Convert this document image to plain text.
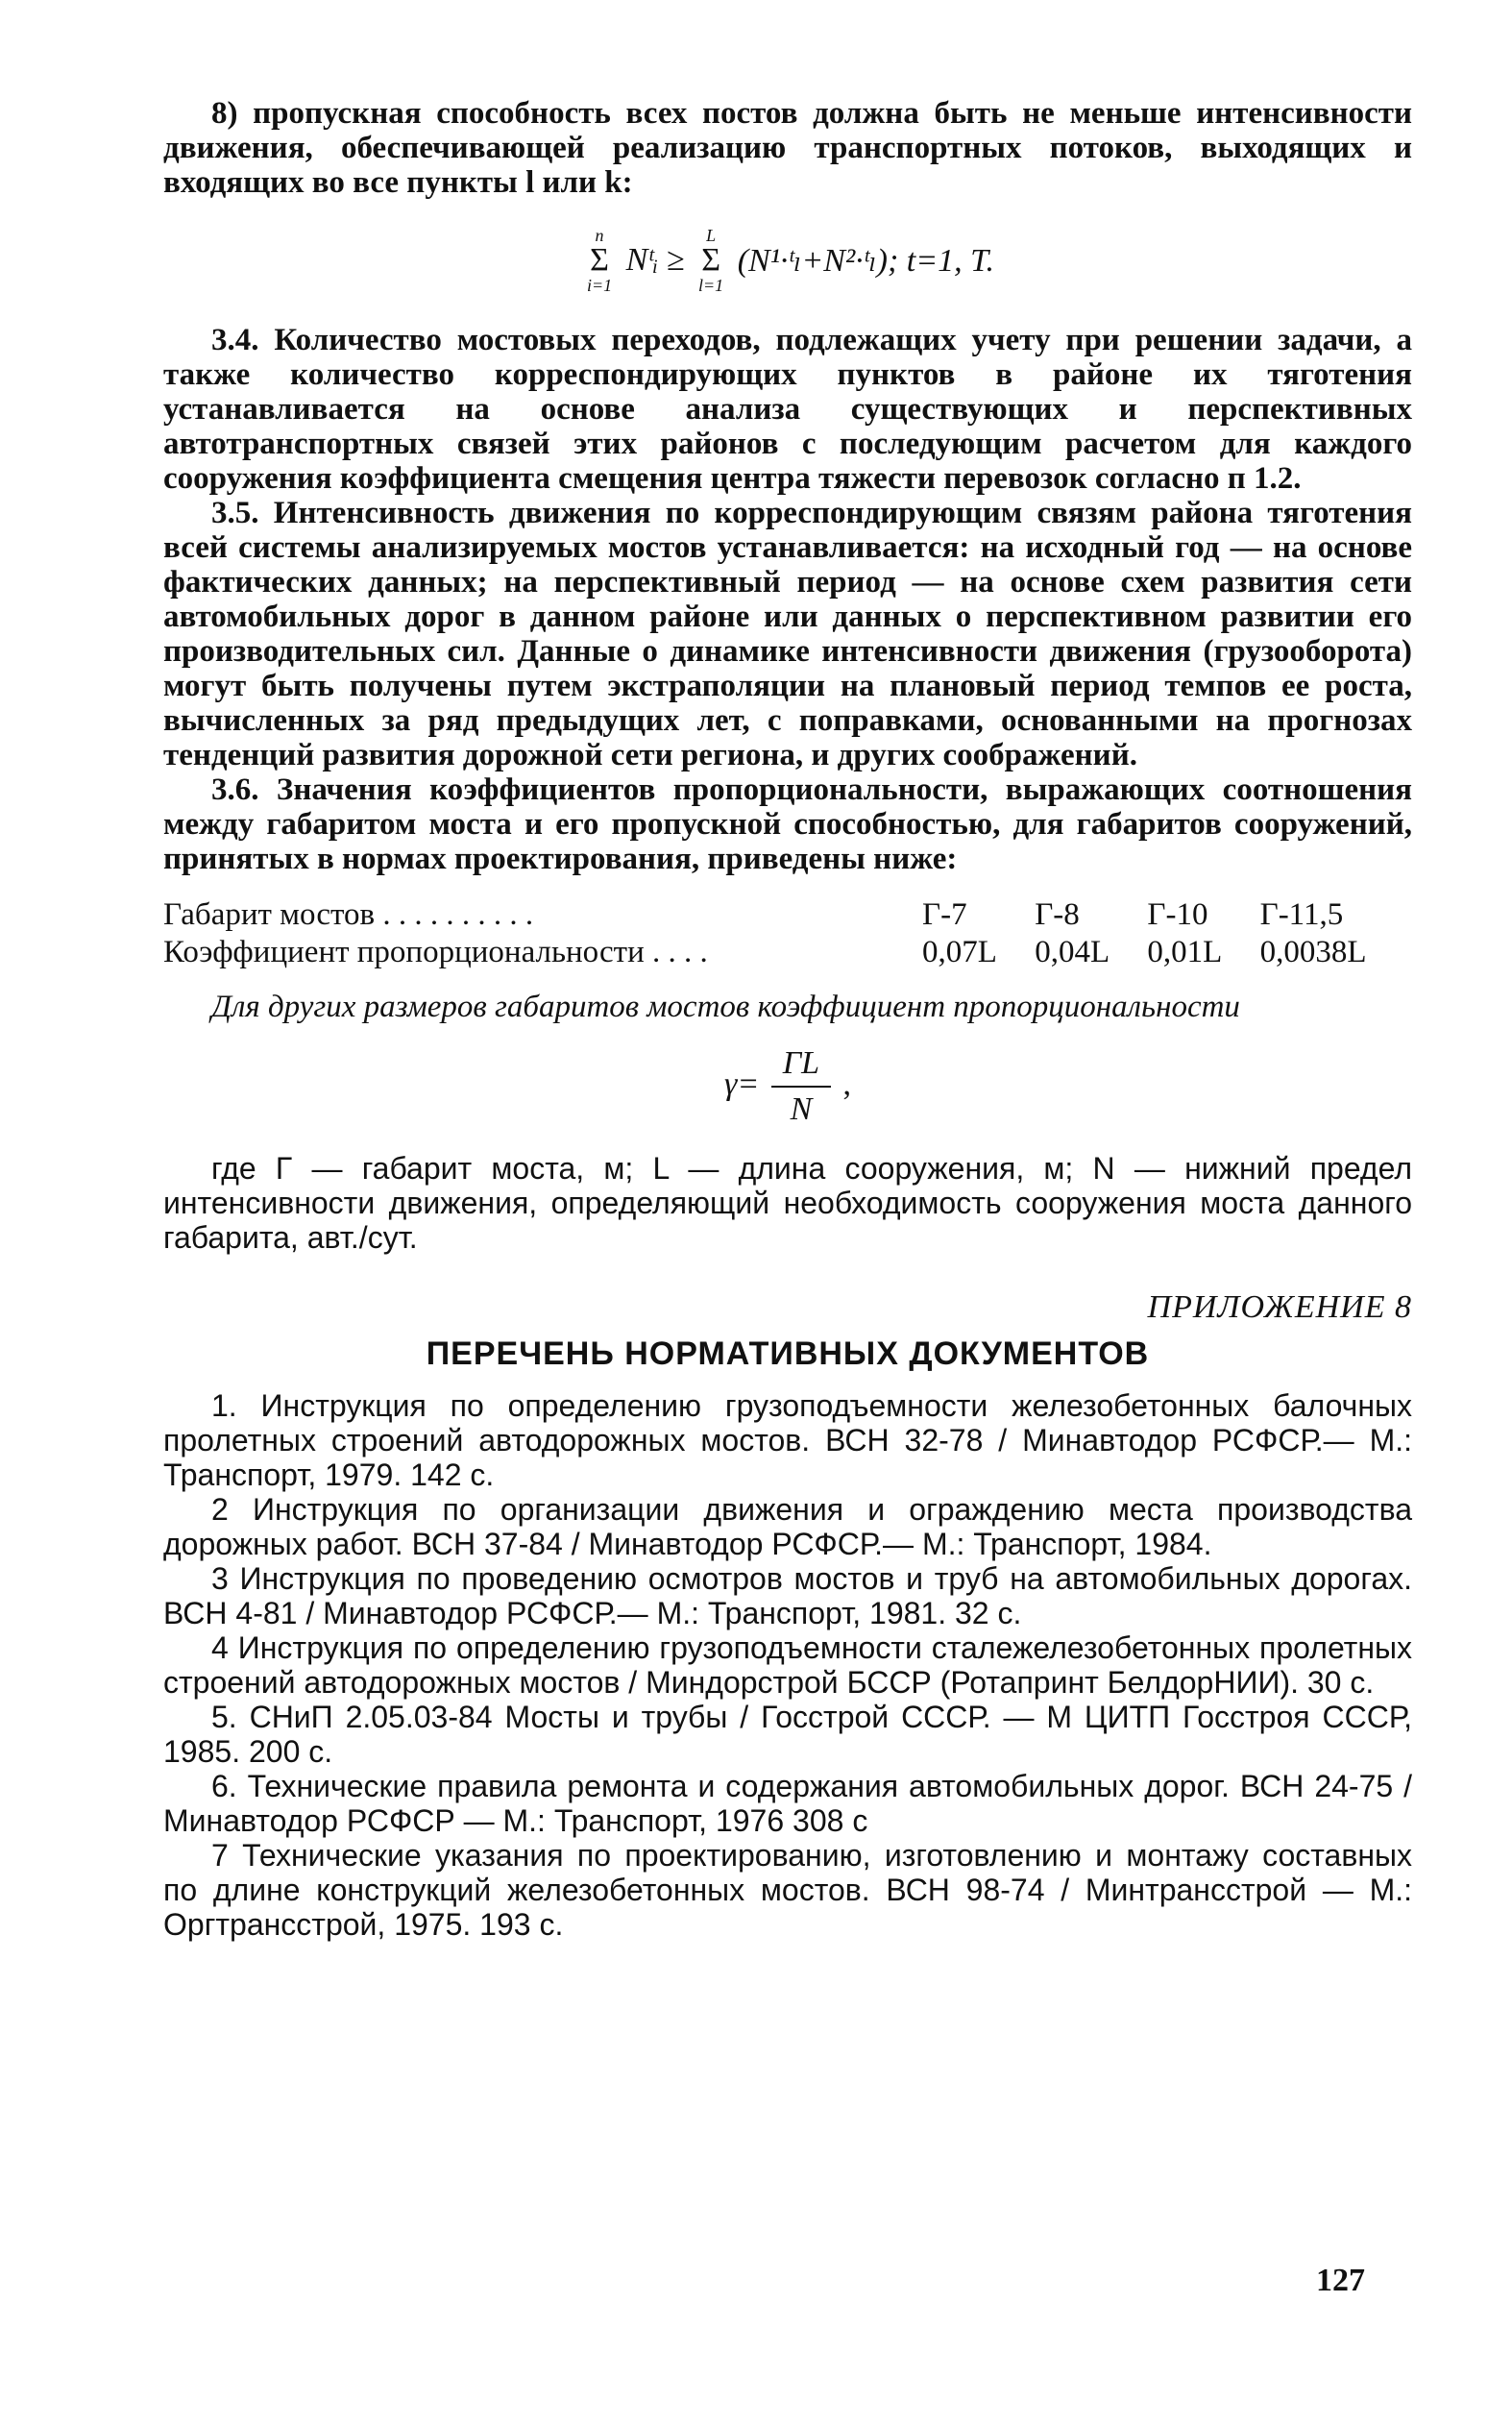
8) пропускная способность всех постов должна быть не меньше интенсивности движения, обеспечивающей реализацию транспортных потоков, выходящих и входящих во все пункты l или k:

n
Σ
i=1
Nᵗᵢ ≥
L
Σ
l=1
(N¹·ᵗₗ+N²·ᵗₗ); t=1, T.

3.4. Количество мостовых переходов, подлежащих учету при решении задачи, а также количество корреспондирующих пунктов в районе их тяготения устанавливается на основе анализа существующих и перспективных автотранспортных связей этих районов с последующим расчетом для каждого сооружения коэффициента смещения центра тяжести перевозок согласно п 1.2.

3.5. Интенсивность движения по корреспондирующим связям района тяготения всей системы анализируемых мостов устанавливается: на исходный год — на основе фактических данных; на перспективный период — на основе схем развития сети автомобильных дорог в данном районе или данных о перспективном развитии его производительных сил. Данные о динамике интенсивности движения (грузооборота) могут быть получены путем экстраполяции на плановый период темпов ее роста, вычисленных за ряд предыдущих лет, с поправками, основанными на прогнозах тенденций развития дорожной сети региона, и других соображений.

3.6. Значения коэффициентов пропорциональности, выражающих соотношения между габаритом моста и его пропускной способностью, для габаритов сооружений, принятых в нормах проектирования, приведены ниже:

Габарит мостов . . . . . . . . . .	Г-7	Г-8	Г-10	Г-11,5
Коэффициент пропорциональности . . . .	0,07L	0,04L	0,01L	0,0038L

Для других размеров габаритов мостов коэффициент пропорциональности

$\gamma= \frac{ГL}{N}$ ,

где Г — габарит моста, м; L — длина сооружения, м; N — нижний предел интенсивности движения, определяющий необходимость сооружения моста данного габарита, авт./сут.

ПРИЛОЖЕНИЕ 8
ПЕРЕЧЕНЬ НОРМАТИВНЫХ ДОКУМЕНТОВ

1. Инструкция по определению грузоподъемности железобетонных балочных пролетных строений автодорожных мостов. ВСН 32-78 / Минавтодор РСФСР.— М.: Транспорт, 1979. 142 с.

2 Инструкция по организации движения и ограждению места производства дорожных работ. ВСН 37-84 / Минавтодор РСФСР.— М.: Транспорт, 1984.

3 Инструкция по проведению осмотров мостов и труб на автомобильных дорогах. ВСН 4-81 / Минавтодор РСФСР.— М.: Транспорт, 1981. 32 с.

4 Инструкция по определению грузоподъемности сталежелезобетонных пролетных строений автодорожных мостов / Миндорстрой БССР (Ротапринт БелдорНИИ). 30 с.

5. СНиП 2.05.03-84 Мосты и трубы / Госстрой СССР. — М ЦИТП Госстроя СССР, 1985. 200 с.

6. Технические правила ремонта и содержания автомобильных дорог. ВСН 24-75 / Минавтодор РСФСР — М.: Транспорт, 1976 308 с

7 Технические указания по проектированию, изготовлению и монтажу составных по длине конструкций железобетонных мостов. ВСН 98-74 / Минтрансстрой — М.: Оргтрансстрой, 1975. 193 с.

127
